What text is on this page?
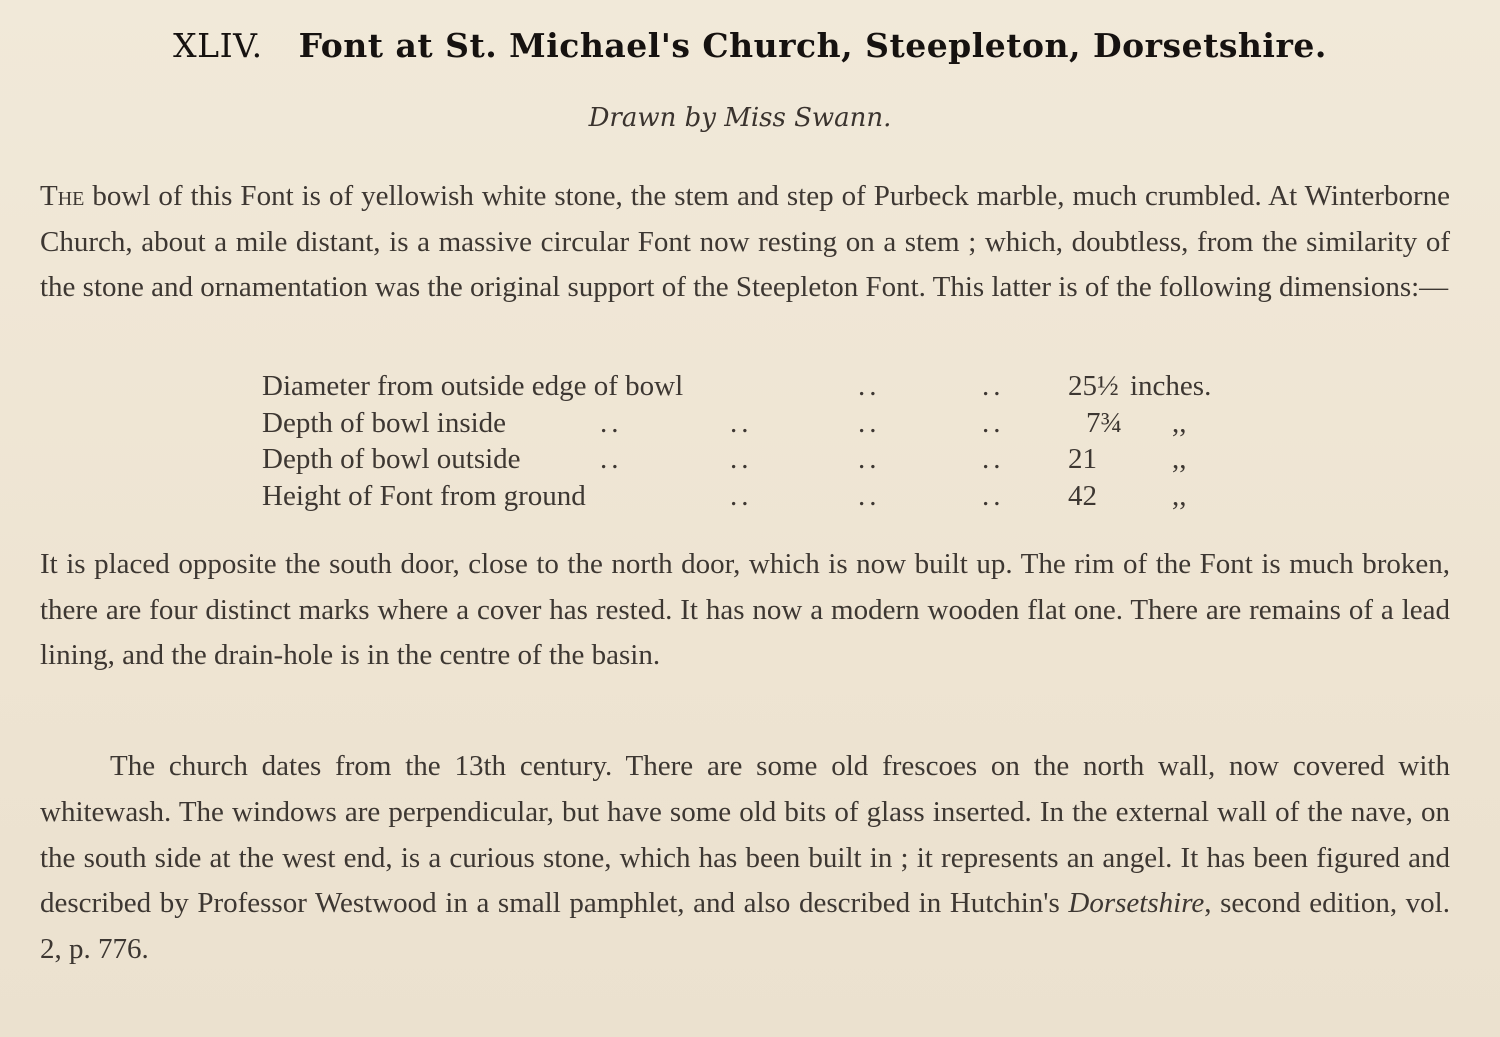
XLIV. Font at St. Michael's Church, Steepleton, Dorsetshire.
Drawn by Miss Swann.

The bowl of this Font is of yellowish white stone, the stem and step of Purbeck marble, much crumbled. At Winterborne Church, about a mile distant, is a massive circular Font now resting on a stem ; which, doubtless, from the similarity of the stone and ornamentation was the original support of the Steepleton Font. This latter is of the following dimensions:—

Diameter from outside edge of bowl	..	.. 25½ inches.
Depth of bowl inside	..	..	..	..	7¾ ,,
Depth of bowl outside	..	..	..	.. 21	,,
Height of Font from ground	..	..	.. 42	,,

It is placed opposite the south door, close to the north door, which is now built up. The rim of the Font is much broken, there are four distinct marks where a cover has rested. It has now a modern wooden flat one. There are remains of a lead lining, and the drain-hole is in the centre of the basin.

The church dates from the 13th century. There are some old frescoes on the north wall, now covered with whitewash. The windows are perpendicular, but have some old bits of glass inserted. In the external wall of the nave, on the south side at the west end, is a curious stone, which has been built in ; it represents an angel. It has been figured and described by Professor Westwood in a small pamphlet, and also described in Hutchin's Dorsetshire, second edition, vol. 2, p. 776.
